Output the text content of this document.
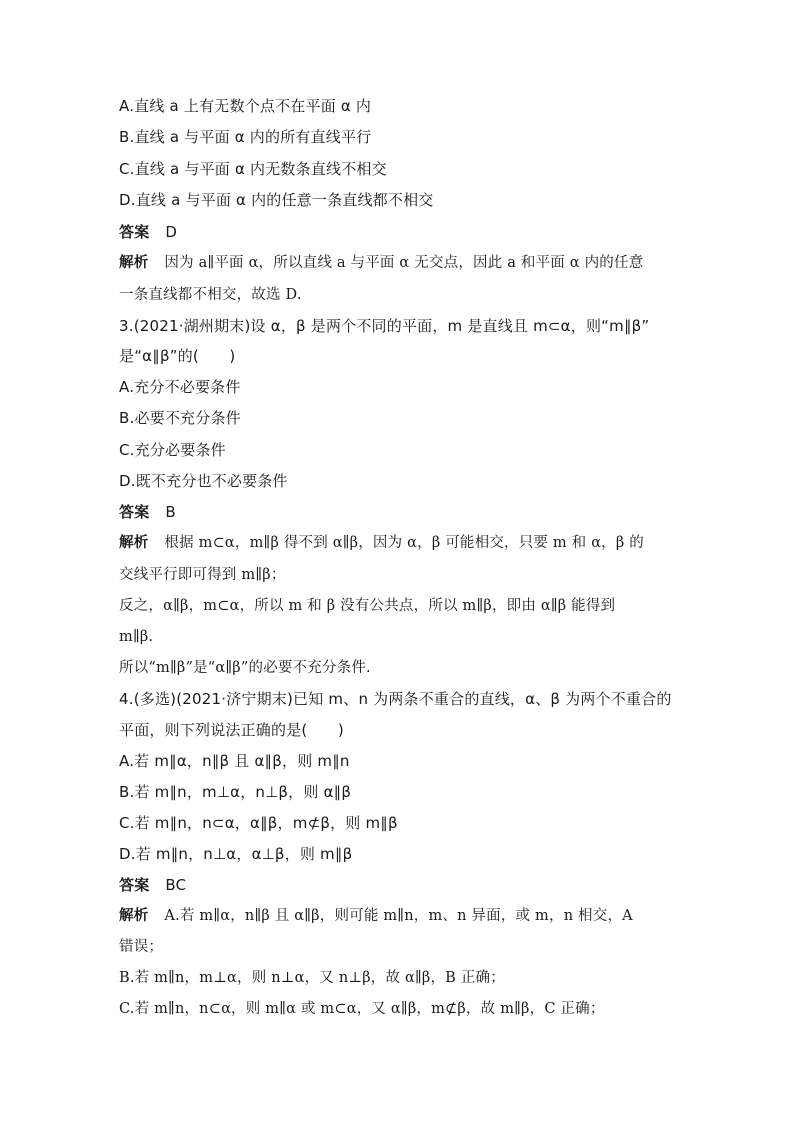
A.直线 a 上有无数个点不在平面 α 内
B.直线 a 与平面 α 内的所有直线平行
C.直线 a 与平面 α 内无数条直线不相交
D.直线 a 与平面 α 内的任意一条直线都不相交
答案 D
解析 因为 a∥平面 α，所以直线 a 与平面 α 无交点，因此 a 和平面 α 内的任意
一条直线都不相交，故选 D.
3.(2021·湖州期末)设 α，β 是两个不同的平面，m 是直线且 m⊂α，则“m∥β”
是“α∥β”的(　　)
A.充分不必要条件
B.必要不充分条件
C.充分必要条件
D.既不充分也不必要条件
答案 B
解析 根据 m⊂α，m∥β 得不到 α∥β，因为 α，β 可能相交，只要 m 和 α，β 的
交线平行即可得到 m∥β；
反之，α∥β，m⊂α，所以 m 和 β 没有公共点，所以 m∥β，即由 α∥β 能得到
m∥β.
所以“m∥β”是“α∥β”的必要不充分条件.
4.(多选)(2021·济宁期末)已知 m、n 为两条不重合的直线，α、β 为两个不重合的
平面，则下列说法正确的是(　　)
A.若 m∥α，n∥β 且 α∥β，则 m∥n
B.若 m∥n，m⊥α，n⊥β，则 α∥β
C.若 m∥n，n⊂α，α∥β，m⊄β，则 m∥β
D.若 m∥n，n⊥α，α⊥β，则 m∥β
答案 BC
解析 A.若 m∥α，n∥β 且 α∥β，则可能 m∥n，m、n 异面，或 m，n 相交，A
错误；
B.若 m∥n，m⊥α，则 n⊥α，又 n⊥β，故 α∥β，B 正确；
C.若 m∥n，n⊂α，则 m∥α 或 m⊂α，又 α∥β，m⊄β，故 m∥β，C 正确；
